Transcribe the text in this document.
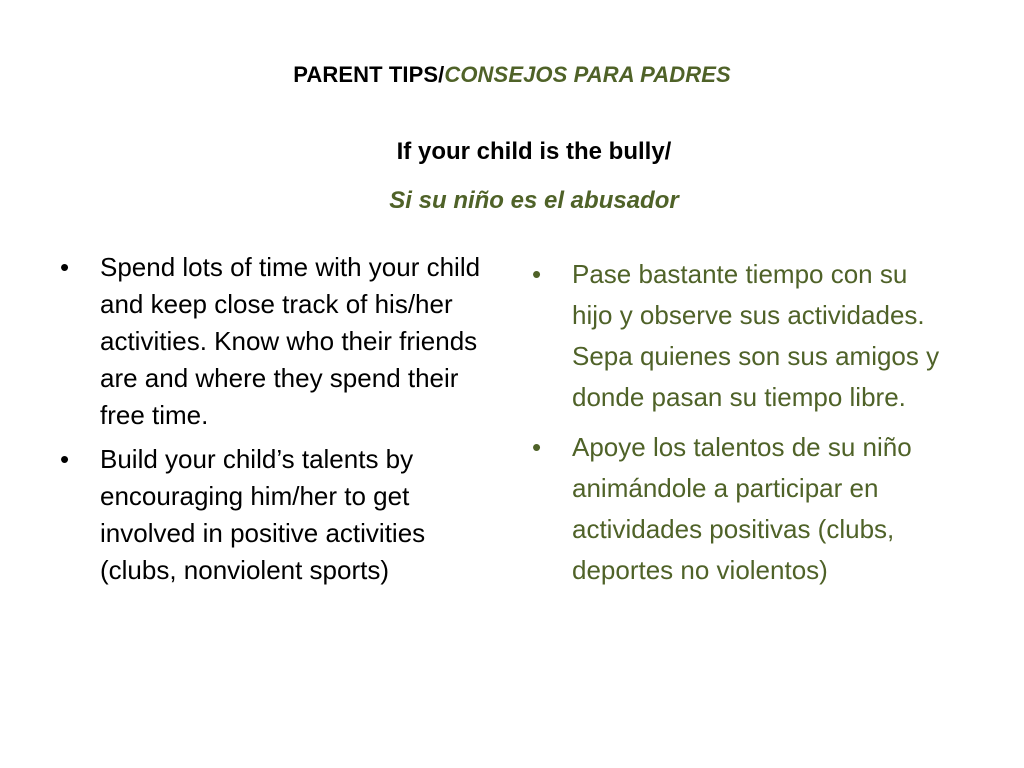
PARENT TIPS/CONSEJOS PARA PADRES
If your child is the bully/
Si su niño es el abusador
•	Spend lots of time with your child and keep close track of his/her activities. Know who their friends are and where they spend their free time.
•	Build your child’s talents by encouraging him/her to get involved in positive activities (clubs, nonviolent sports)
•	Pase bastante tiempo con su hijo y observe sus actividades. Sepa quienes son sus amigos y donde pasan su tiempo libre.
•	Apoye los talentos de su niño animándole a participar en actividades positivas (clubs, deportes no violentos)
